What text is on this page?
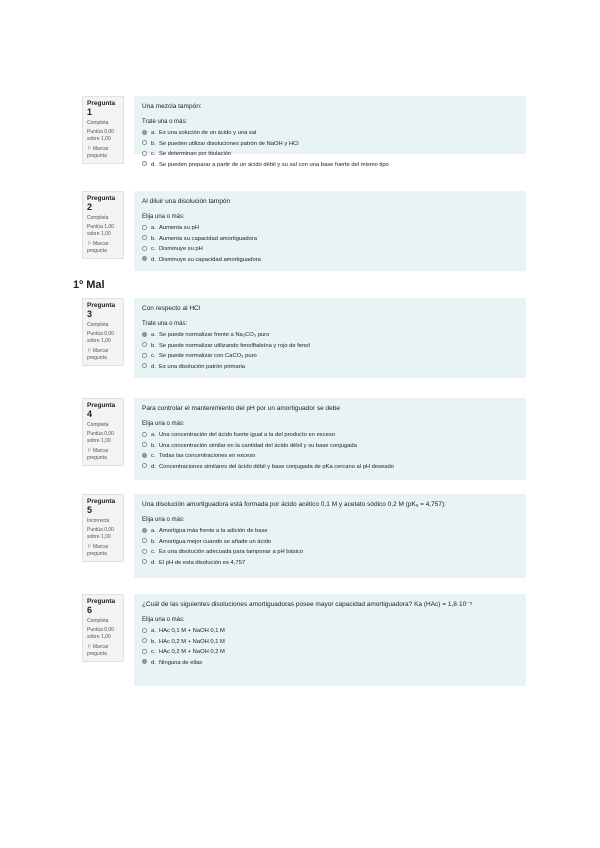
1º Mal
Pregunta 1
Completa
Puntúa 0,00 sobre 1,00
⚐ Marcar pregunta
Una mezcla tampón:
Trate una o más:
a. Es una solución de un ácido y una sal
b. Se pueden utilizar disoluciones patrón de NaOH y HCl
c. Se determinan por titulación
d. Se pueden preparar a partir de un ácido débil y su sal con una base fuerte del mismo tipo
Pregunta 2
Completa
Puntúa 1,00 sobre 1,00
⚐ Marcar pregunta
Al diluir una disolución tampón
Elija una o más:
a. Aumenta su pH
b. Aumenta su capacidad amortiguadora
c. Disminuye su pH
d. Disminuye su capacidad amortiguadora
Pregunta 3
Completa
Puntúa 0,00 sobre 1,00
⚐ Marcar pregunta
Con respecto al HCl
Trate una o más:
a. Se puede normalizar frente a Na₂CO₃ puro
b. Se puede normalizar utilizando fenolftaleína y rojo de fenol
c. Se puede normalizar con CaCO₃ puro
d. Es una disolución patrón primaria
Pregunta 4
Completa
Puntúa 0,00 sobre 1,00
⚐ Marcar pregunta
Para controlar el mantenimiento del pH por un amortiguador se debe
Elija una o más:
a. Una concentración del ácido fuerte igual a la del producto en exceso
b. Una concentración similar en la cantidad del ácido débil y su base conjugada
c. Todas las concentraciones en exceso
d. Concentraciones similares del ácido débil y base conjugada de pKa cercano al pH deseado
Pregunta 5
Incorrecta
Puntúa 0,00 sobre 1,00
⚐ Marcar pregunta
Una disolución amortiguadora está formada por ácido acético 0,1 M y acetato sódico 0,2 M (pKₐ = 4,757):
Elija una o más:
a. Amortigua más frente a la adición de base
b. Amortigua mejor cuando se añade un ácido
c. Es una disolución adecuada para tamponar a pH básico
d. El pH de esta disolución es 4,757
Pregunta 6
Completa
Puntúa 0,00 sobre 1,00
⚐ Marcar pregunta
¿Cuál de las siguientes disoluciones amortiguadoras posee mayor capacidad amortiguadora? Ka (HAc) = 1,8·10⁻⁵
Elija una o más:
a. HAc 0,1 M + NaOH 0,1 M
b. HAc 0,2 M + NaOH 0,1 M
c. HAc 0,2 M + NaOH 0,2 M
d. Ninguna de ellas
